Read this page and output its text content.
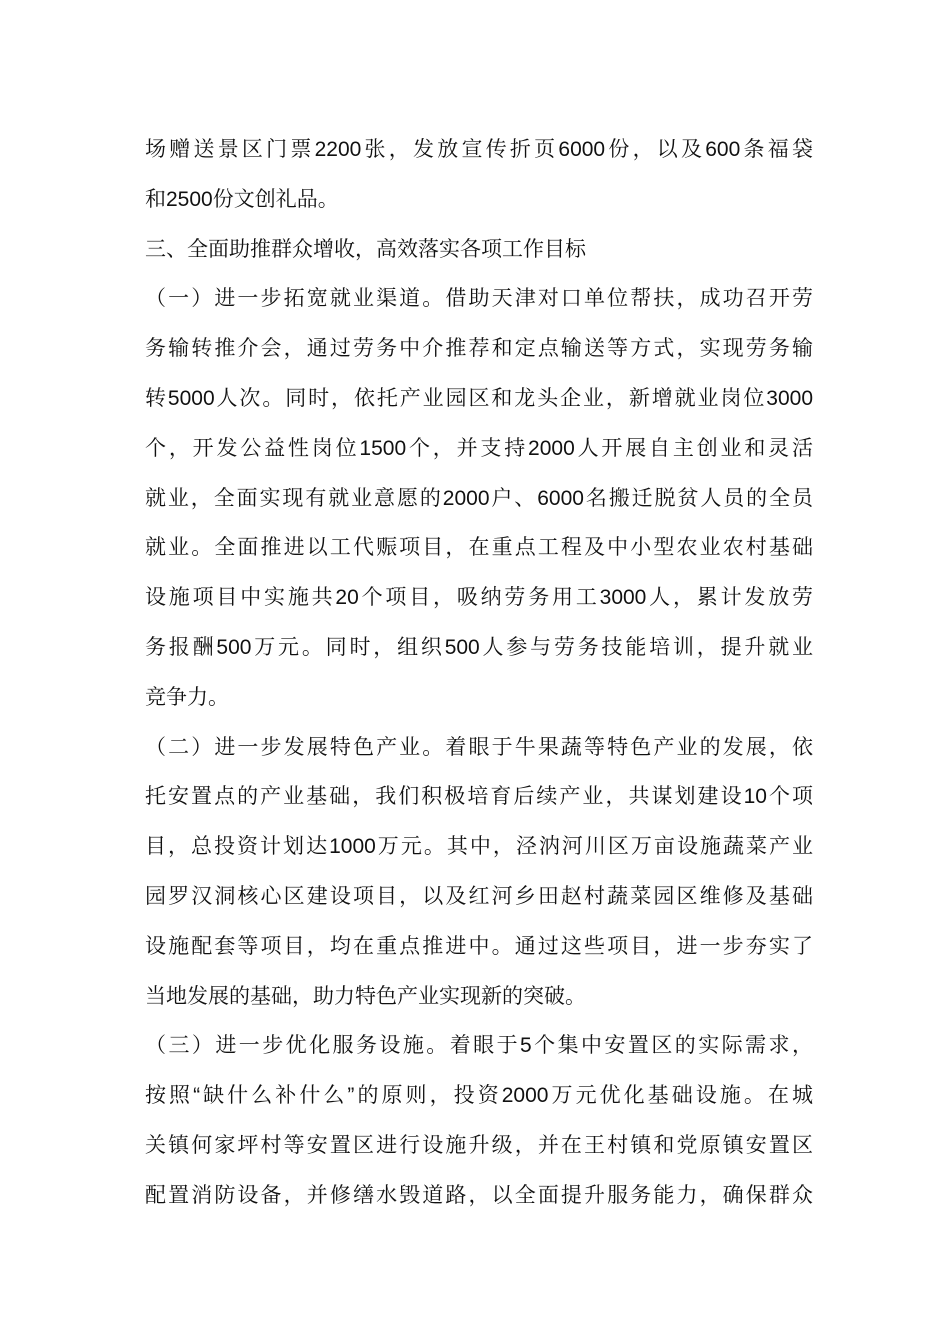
场赠送景区门票2200张，发放宣传折页6000份，以及600条福袋
和2500份文创礼品。
三、全面助推群众增收，高效落实各项工作目标
（一）进一步拓宽就业渠道。借助天津对口单位帮扶，成功召开劳
务输转推介会，通过劳务中介推荐和定点输送等方式，实现劳务输
转5000人次。同时，依托产业园区和龙头企业，新增就业岗位3000
个，开发公益性岗位1500个，并支持2000人开展自主创业和灵活
就业，全面实现有就业意愿的2000户、6000名搬迁脱贫人员的全员
就业。全面推进以工代赈项目，在重点工程及中小型农业农村基础
设施项目中实施共20个项目，吸纳劳务用工3000人，累计发放劳
务报酬500万元。同时，组织500人参与劳务技能培训，提升就业
竞争力。
（二）进一步发展特色产业。着眼于牛果蔬等特色产业的发展，依
托安置点的产业基础，我们积极培育后续产业，共谋划建设10个项
目，总投资计划达1000万元。其中，泾汭河川区万亩设施蔬菜产业
园罗汉洞核心区建设项目，以及红河乡田赵村蔬菜园区维修及基础
设施配套等项目，均在重点推进中。通过这些项目，进一步夯实了
当地发展的基础，助力特色产业实现新的突破。
（三）进一步优化服务设施。着眼于5个集中安置区的实际需求，
按照“缺什么补什么”的原则，投资2000万元优化基础设施。在城
关镇何家坪村等安置区进行设施升级，并在王村镇和党原镇安置区
配置消防设备，并修缮水毁道路，以全面提升服务能力，确保群众
